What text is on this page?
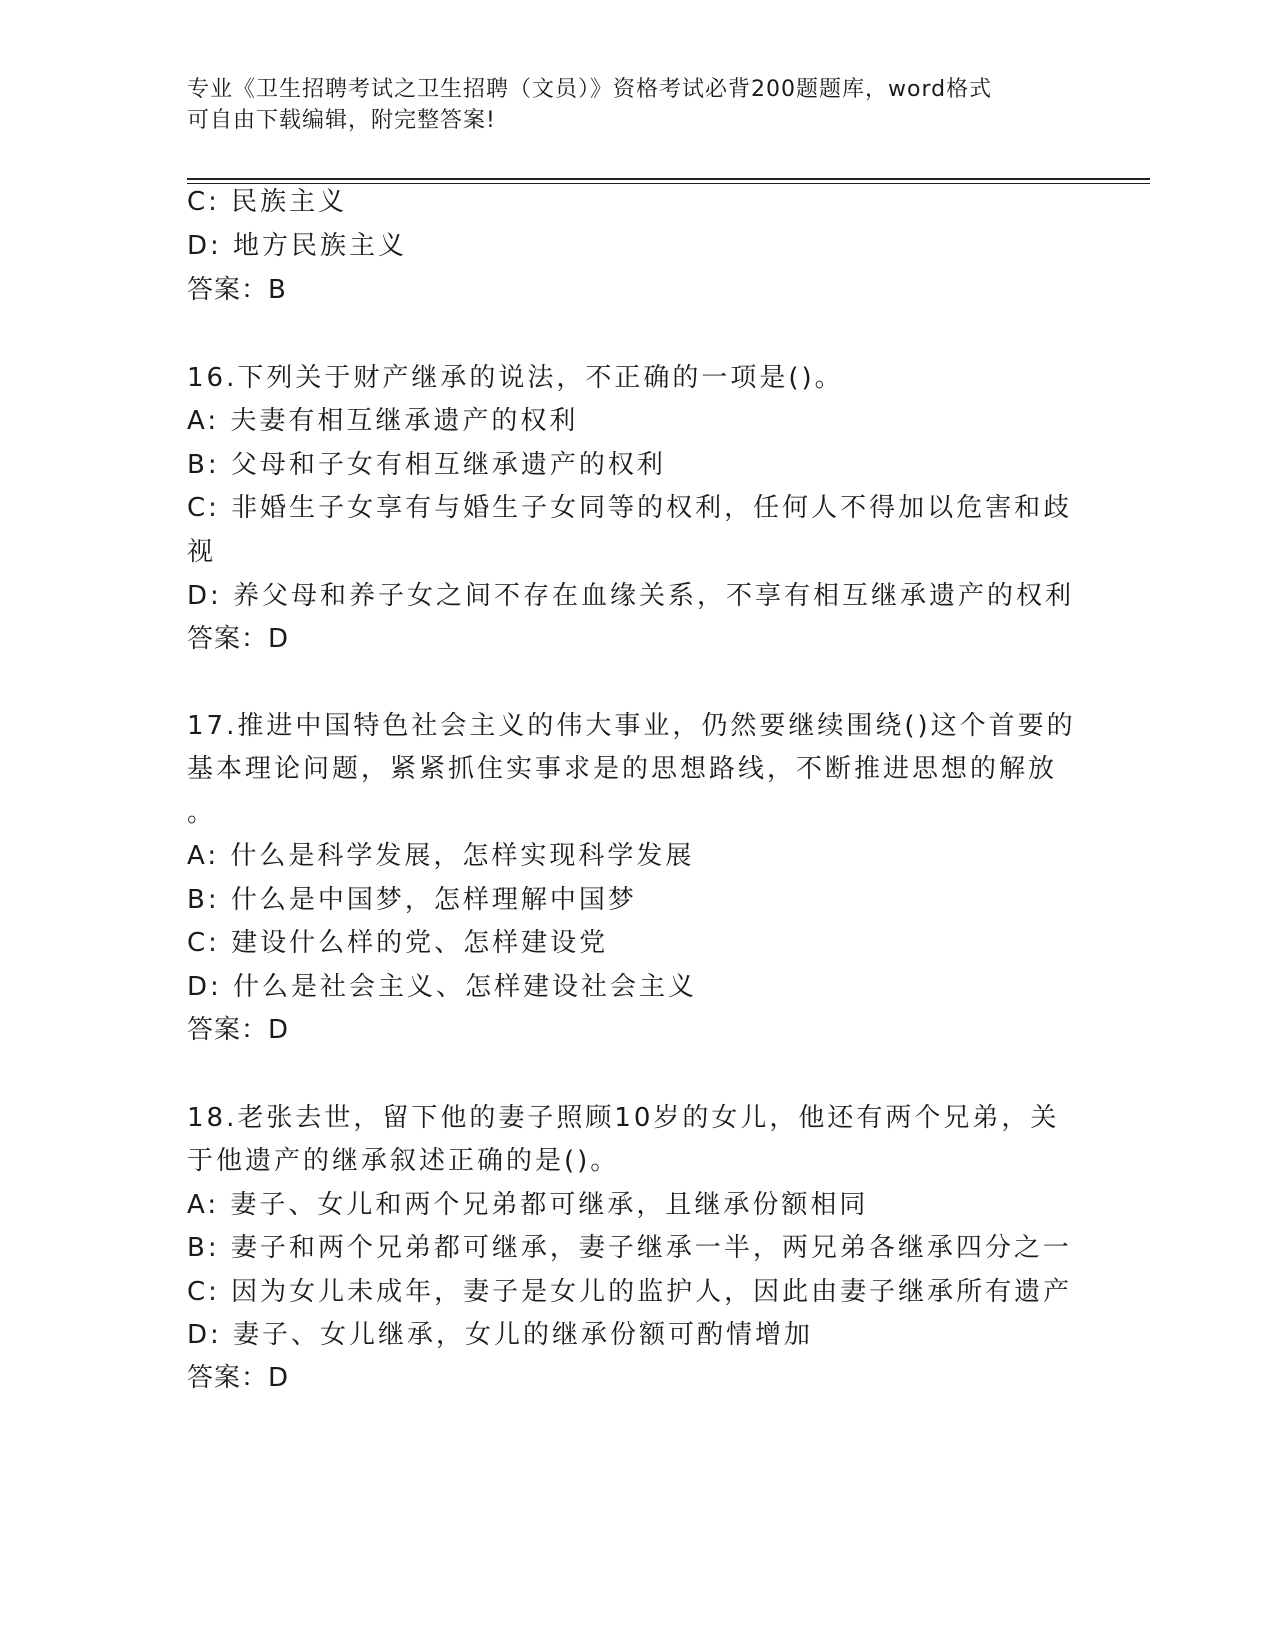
专业《卫生招聘考试之卫生招聘（文员）》资格考试必背200题题库，word格式
可自由下载编辑，附完整答案!
C: 民族主义
D: 地方民族主义
答案：B
16.下列关于财产继承的说法，不正确的一项是()。
A: 夫妻有相互继承遗产的权利
B: 父母和子女有相互继承遗产的权利
C: 非婚生子女享有与婚生子女同等的权利，任何人不得加以危害和歧
视
D: 养父母和养子女之间不存在血缘关系，不享有相互继承遗产的权利
答案：D
17.推进中国特色社会主义的伟大事业，仍然要继续围绕()这个首要的
基本理论问题，紧紧抓住实事求是的思想路线，不断推进思想的解放
。
A: 什么是科学发展，怎样实现科学发展
B: 什么是中国梦，怎样理解中国梦
C: 建设什么样的党、怎样建设党
D: 什么是社会主义、怎样建设社会主义
答案：D
18.老张去世，留下他的妻子照顾10岁的女儿，他还有两个兄弟，关
于他遗产的继承叙述正确的是()。
A: 妻子、女儿和两个兄弟都可继承，且继承份额相同
B: 妻子和两个兄弟都可继承，妻子继承一半，两兄弟各继承四分之一
C: 因为女儿未成年，妻子是女儿的监护人，因此由妻子继承所有遗产
D: 妻子、女儿继承，女儿的继承份额可酌情增加
答案：D
